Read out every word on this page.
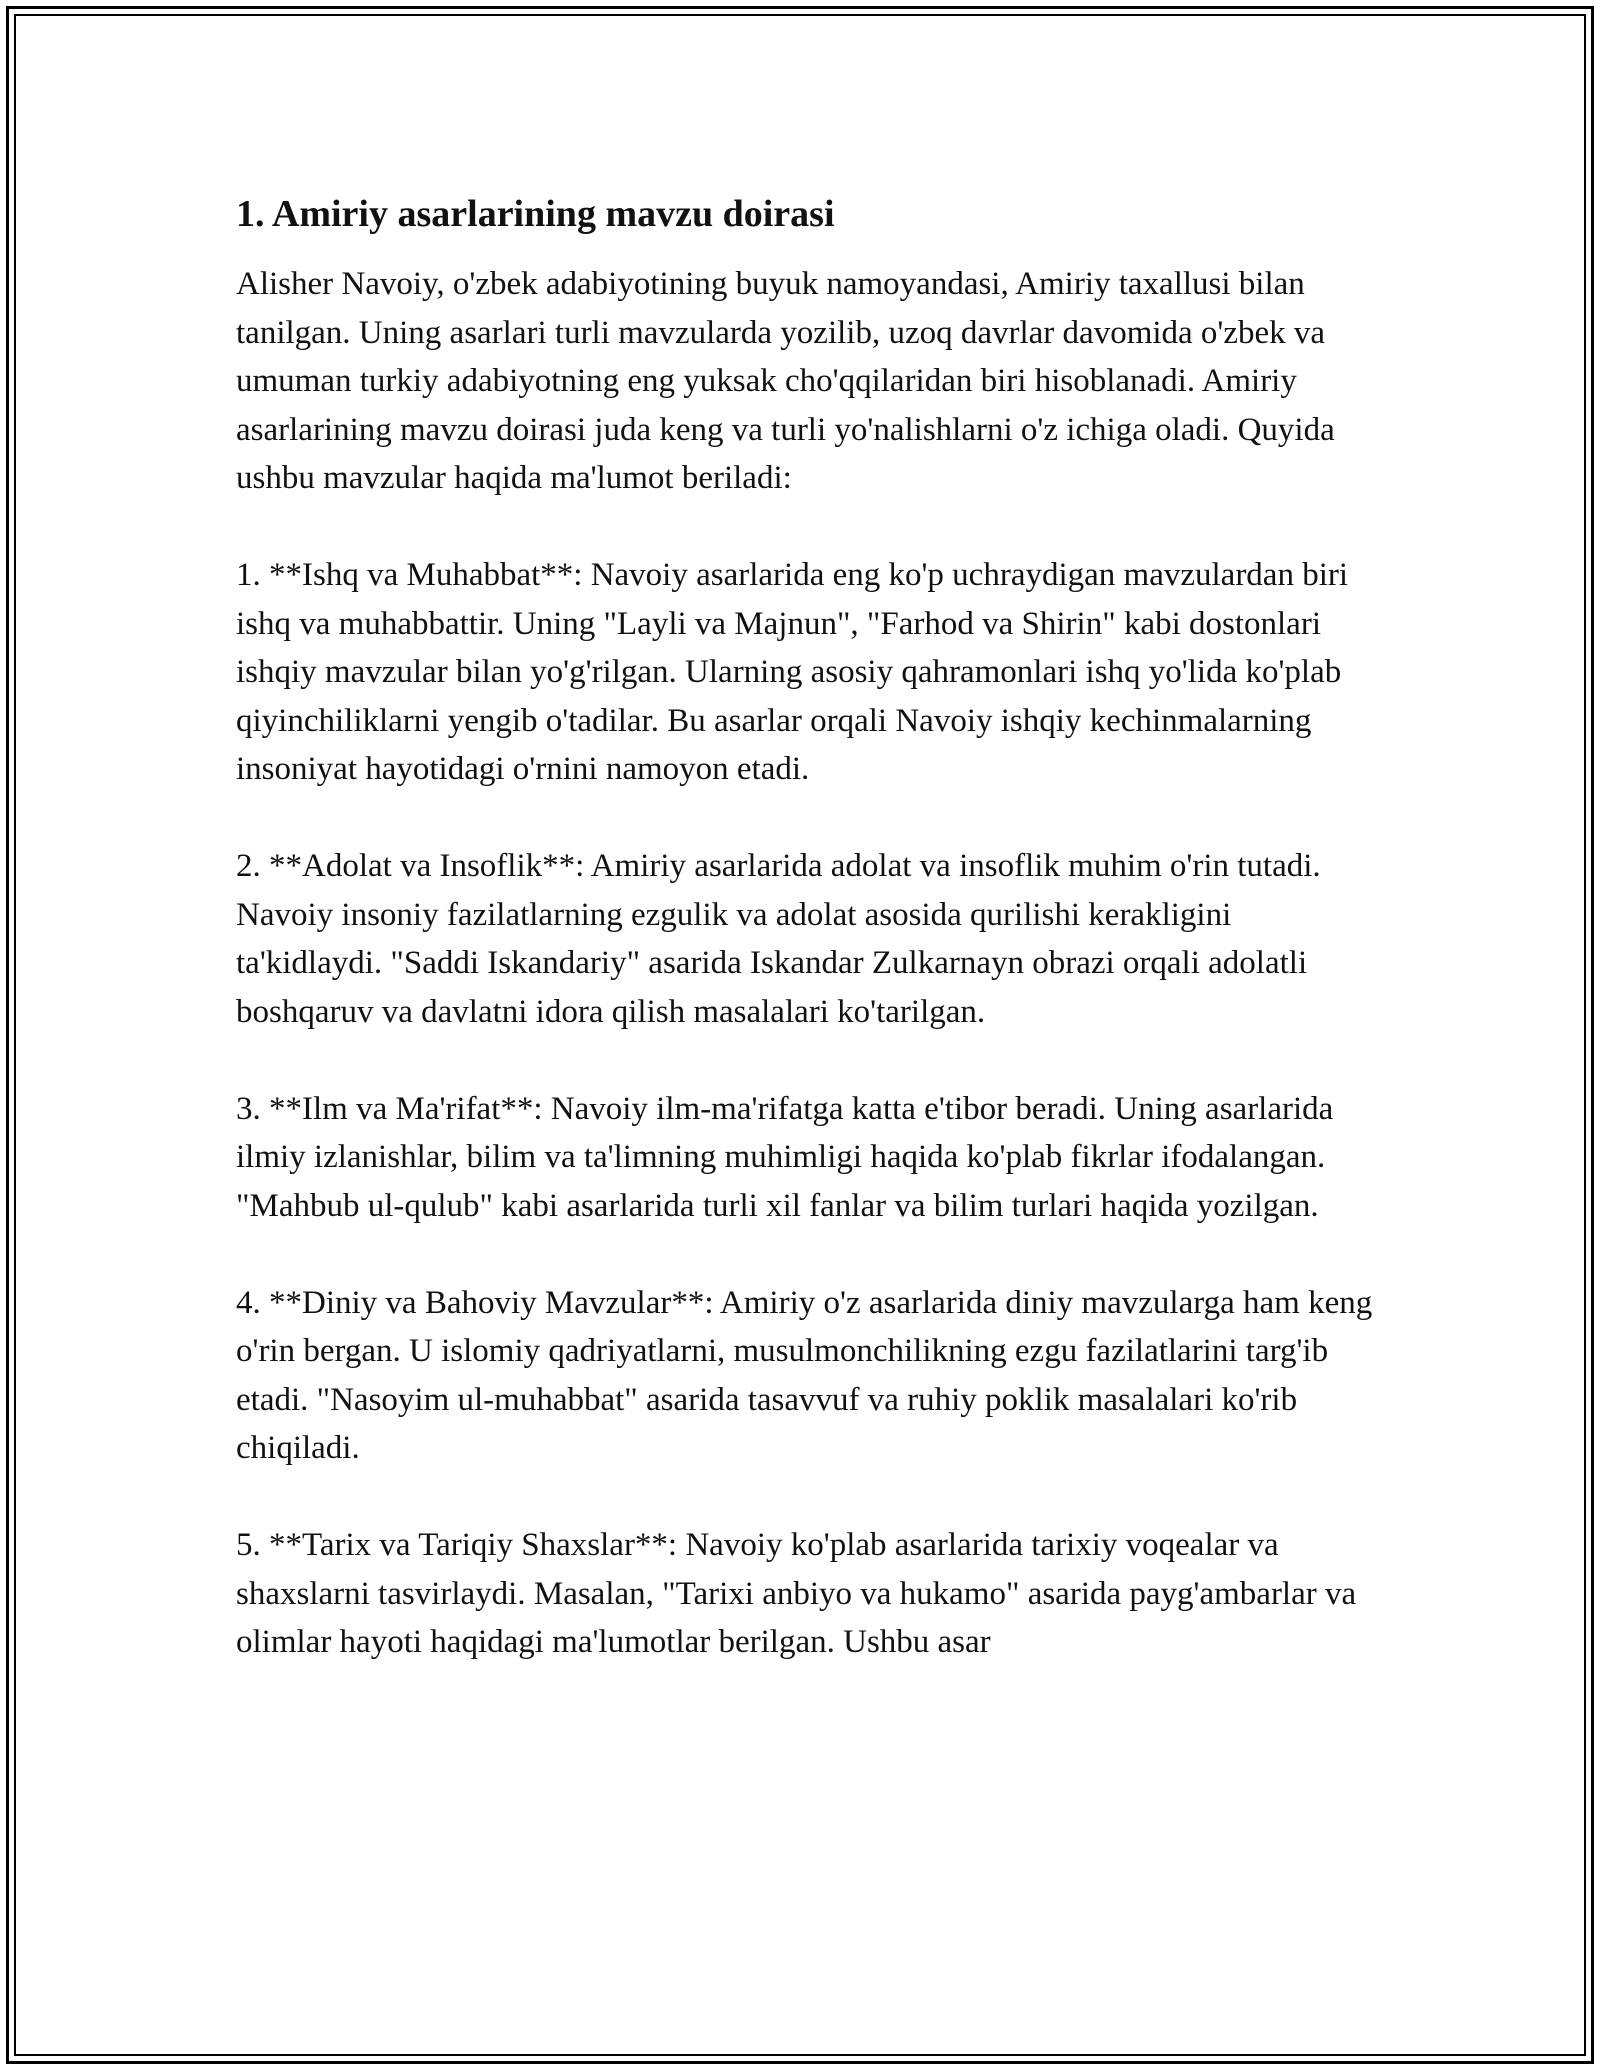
1. Amiriy asarlarining mavzu doirasi

Alisher Navoiy, o'zbek adabiyotining buyuk namoyandasi, Amiriy taxallusi bilan tanilgan. Uning asarlari turli mavzularda yozilib, uzoq davrlar davomida o'zbek va umuman turkiy adabiyotning eng yuksak cho'qqilaridan biri hisoblanadi. Amiriy asarlarining mavzu doirasi juda keng va turli yo'nalishlarni o'z ichiga oladi. Quyida ushbu mavzular haqida ma'lumot beriladi:

1. **Ishq va Muhabbat**: Navoiy asarlarida eng ko'p uchraydigan mavzulardan biri ishq va muhabbattir. Uning "Layli va Majnun", "Farhod va Shirin" kabi dostonlari ishqiy mavzular bilan yo'g'rilgan. Ularning asosiy qahramonlari ishq yo'lida ko'plab qiyinchiliklarni yengib o'tadilar. Bu asarlar orqali Navoiy ishqiy kechinmalarning insoniyat hayotidagi o'rnini namoyon etadi.

2. **Adolat va Insoflik**: Amiriy asarlarida adolat va insoflik muhim o'rin tutadi. Navoiy insoniy fazilatlarning ezgulik va adolat asosida qurilishi kerakligini ta'kidlaydi. "Saddi Iskandariy" asarida Iskandar Zulkarnayn obrazi orqali adolatli boshqaruv va davlatni idora qilish masalalari ko'tarilgan.

3. **Ilm va Ma'rifat**: Navoiy ilm-ma'rifatga katta e'tibor beradi. Uning asarlarida ilmiy izlanishlar, bilim va ta'limning muhimligi haqida ko'plab fikrlar ifodalangan. "Mahbub ul-qulub" kabi asarlarida turli xil fanlar va bilim turlari haqida yozilgan.

4. **Diniy va Bahoviy Mavzular**: Amiriy o'z asarlarida diniy mavzularga ham keng o'rin bergan. U islomiy qadriyatlarni, musulmonchilikning ezgu fazilatlarini targ'ib etadi. "Nasoyim ul-muhabbat" asarida tasavvuf va ruhiy poklik masalalari ko'rib chiqiladi.

5. **Tarix va Tariqiy Shaxslar**: Navoiy ko'plab asarlarida tarixiy voqealar va shaxslarni tasvirlaydi. Masalan, "Tarixi anbiyo va hukamo" asarida payg'ambarlar va olimlar hayoti haqidagi ma'lumotlar berilgan. Ushbu asar
